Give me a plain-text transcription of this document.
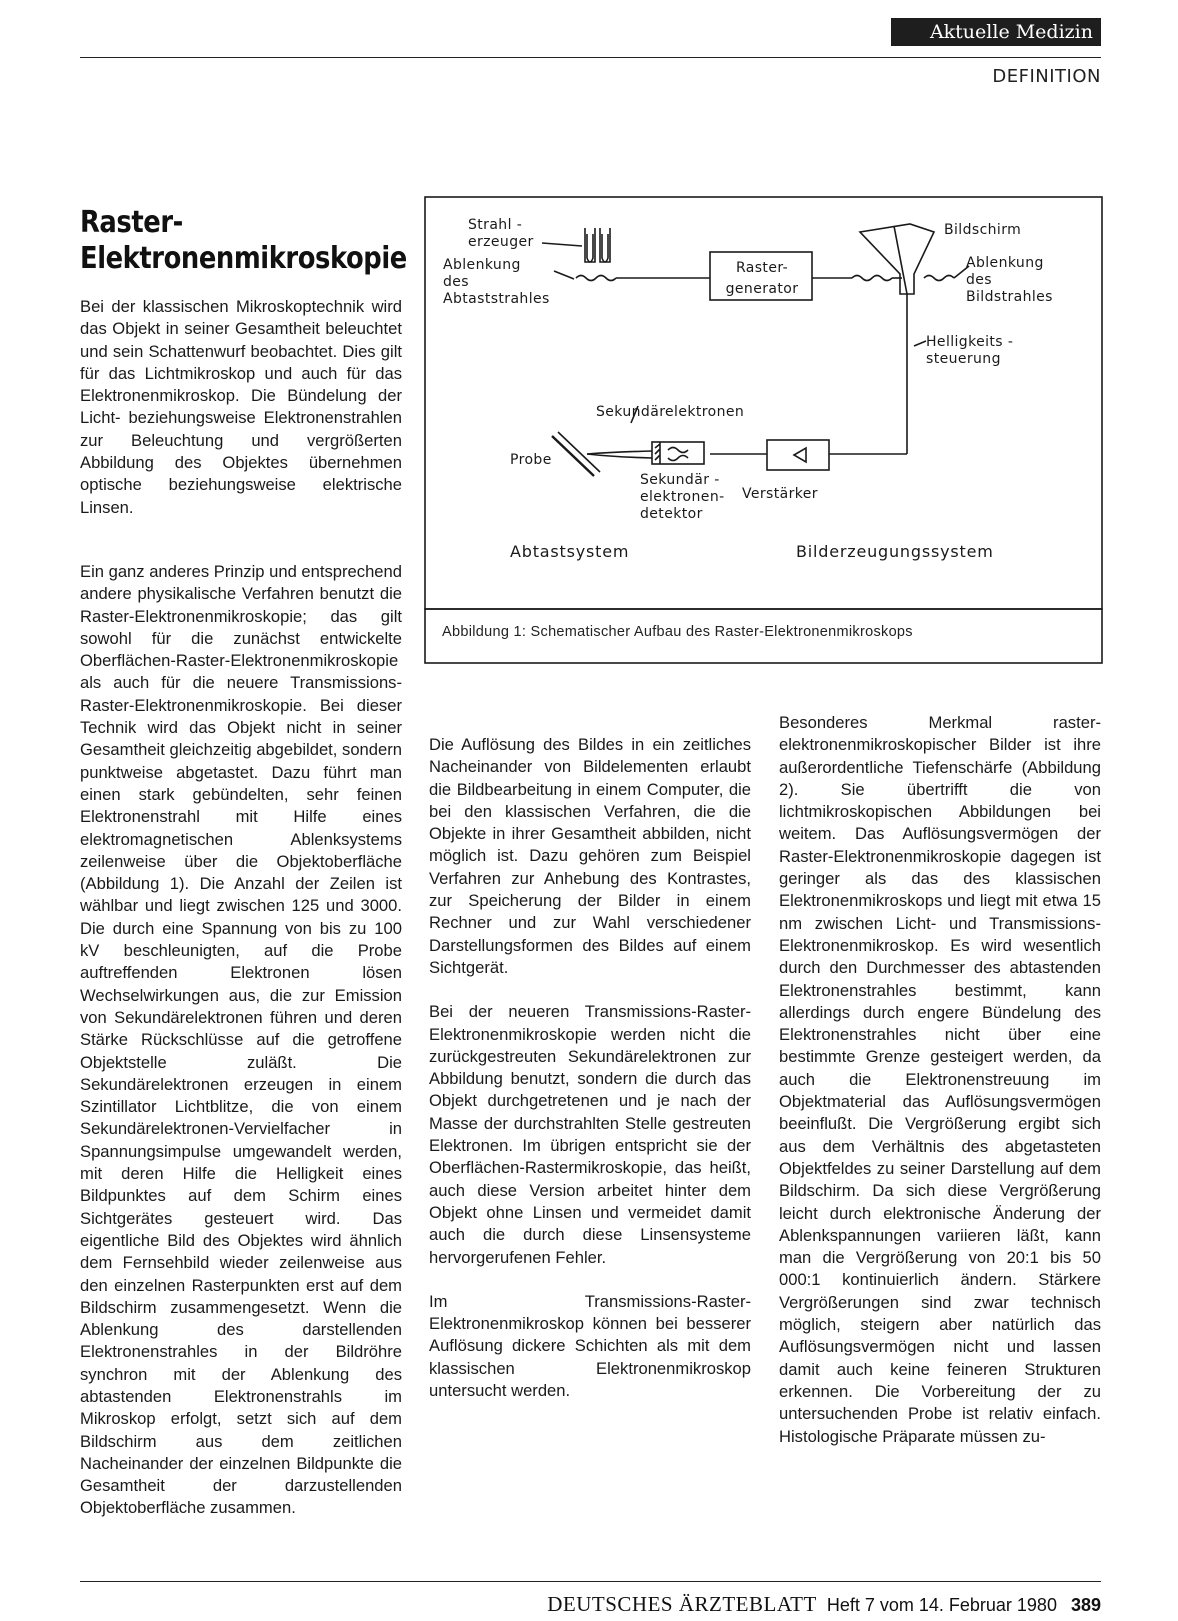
Aktuelle Medizin
DEFINITION
Raster-
Elektronenmikroskopie

Bei der klassischen Mikroskoptechnik wird das Objekt in seiner Gesamtheit beleuchtet und sein Schattenwurf beobachtet. Dies gilt für das Lichtmikroskop und auch für das Elektronenmikroskop. Die Bündelung der Licht- beziehungsweise Elektronenstrahlen zur Beleuchtung und vergrößerten Abbildung des Objektes übernehmen optische beziehungsweise elektrische Linsen.

Ein ganz anderes Prinzip und entsprechend andere physikalische Verfahren benutzt die Raster-Elektronenmikroskopie; das gilt sowohl für die zunächst entwickelte Oberflächen-Raster-Elektronenmikroskopie als auch für die neuere Transmissions-Raster-Elektronenmikroskopie. Bei dieser Technik wird das Objekt nicht in seiner Gesamtheit gleichzeitig abgebildet, sondern punktweise abgetastet. Dazu führt man einen stark gebündelten, sehr feinen Elektronenstrahl mit Hilfe eines elektromagnetischen Ablenksystems zeilenweise über die Objektoberfläche (Abbildung 1). Die Anzahl der Zeilen ist wählbar und liegt zwischen 125 und 3000. Die durch eine Spannung von bis zu 100 kV beschleunigten, auf die Probe auftreffenden Elektronen lösen Wechselwirkungen aus, die zur Emission von Sekundärelektronen führen und deren Stärke Rückschlüsse auf die getroffene Objektstelle zuläßt. Die Sekundärelektronen erzeugen in einem Szintillator Lichtblitze, die von einem Sekundärelektronen-Vervielfacher in Spannungsimpulse umgewandelt werden, mit deren Hilfe die Helligkeit eines Bildpunktes auf dem Schirm eines Sichtgerätes gesteuert wird. Das eigentliche Bild des Objektes wird ähnlich dem Fernsehbild wieder zeilenweise aus den einzelnen Rasterpunkten erst auf dem Bildschirm zusammengesetzt. Wenn die Ablenkung des darstellenden Elektronenstrahles in der Bildröhre synchron mit der Ablenkung des abtastenden Elektronenstrahls im Mikroskop erfolgt, setzt sich auf dem Bildschirm aus dem zeitlichen Nacheinander der einzelnen Bildpunkte die Gesamtheit der darzustellenden Objektoberfläche zusammen.

Die Auflösung des Bildes in ein zeitliches Nacheinander von Bildelementen erlaubt die Bildbearbeitung in einem Computer, die bei den klassischen Verfahren, die die Objekte in ihrer Gesamtheit abbilden, nicht möglich ist. Dazu gehören zum Beispiel Verfahren zur Anhebung des Kontrastes, zur Speicherung der Bilder in einem Rechner und zur Wahl verschiedener Darstellungsformen des Bildes auf einem Sichtgerät.

Bei der neueren Transmissions-Raster-Elektronenmikroskopie werden nicht die zurückgestreuten Sekundärelektronen zur Abbildung benutzt, sondern die durch das Objekt durchgetretenen und je nach der Masse der durchstrahlten Stelle gestreuten Elektronen. Im übrigen entspricht sie der Oberflächen-Rastermikroskopie, das heißt, auch diese Version arbeitet hinter dem Objekt ohne Linsen und vermeidet damit auch die durch diese Linsensysteme hervorgerufenen Fehler.

Im Transmissions-Raster-Elektronenmikroskop können bei besserer Auflösung dickere Schichten als mit dem klassischen Elektronenmikroskop untersucht werden.

Besonderes Merkmal raster-elektronenmikroskopischer Bilder ist ihre außerordentliche Tiefenschärfe (Abbildung 2). Sie übertrifft die von lichtmikroskopischen Abbildungen bei weitem. Das Auflösungsvermögen der Raster-Elektronenmikroskopie dagegen ist geringer als das des klassischen Elektronenmikroskops und liegt mit etwa 15 nm zwischen Licht- und Transmissions-Elektronenmikroskop. Es wird wesentlich durch den Durchmesser des abtastenden Elektronenstrahles bestimmt, kann allerdings durch engere Bündelung des Elektronenstrahles nicht über eine bestimmte Grenze gesteigert werden, da auch die Elektronenstreuung im Objektmaterial das Auflösungsvermögen beeinflußt. Die Vergrößerung ergibt sich aus dem Verhältnis des abgetasteten Objektfeldes zu seiner Darstellung auf dem Bildschirm. Da sich diese Vergrößerung leicht durch elektronische Änderung der Ablenkspannungen variieren läßt, kann man die Vergrößerung von 20:1 bis 50 000:1 kontinuierlich ändern. Stärkere Vergrößerungen sind zwar technisch möglich, steigern aber natürlich das Auflösungsvermögen nicht und lassen damit auch keine feineren Strukturen erkennen. Die Vorbereitung der zu untersuchenden Probe ist relativ einfach. Histologische Präparate müssen zu-

Strahl -
erzeuger
Ablenkung
des
Abtaststrahles
Raster-
generator
Bildschirm
Ablenkung
des
Bildstrahles
Helligkeits -
steuerung
Sekundärelektronen
Probe
Sekundär -
elektronen-
detektor
Verstärker
Abtastsystem	Bilderzeugungssystem
Abbildung 1: Schematischer Aufbau des Raster-Elektronenmikroskops
DEUTSCHES ÄRZTEBLATT Heft 7 vom 14. Februar 1980 389
